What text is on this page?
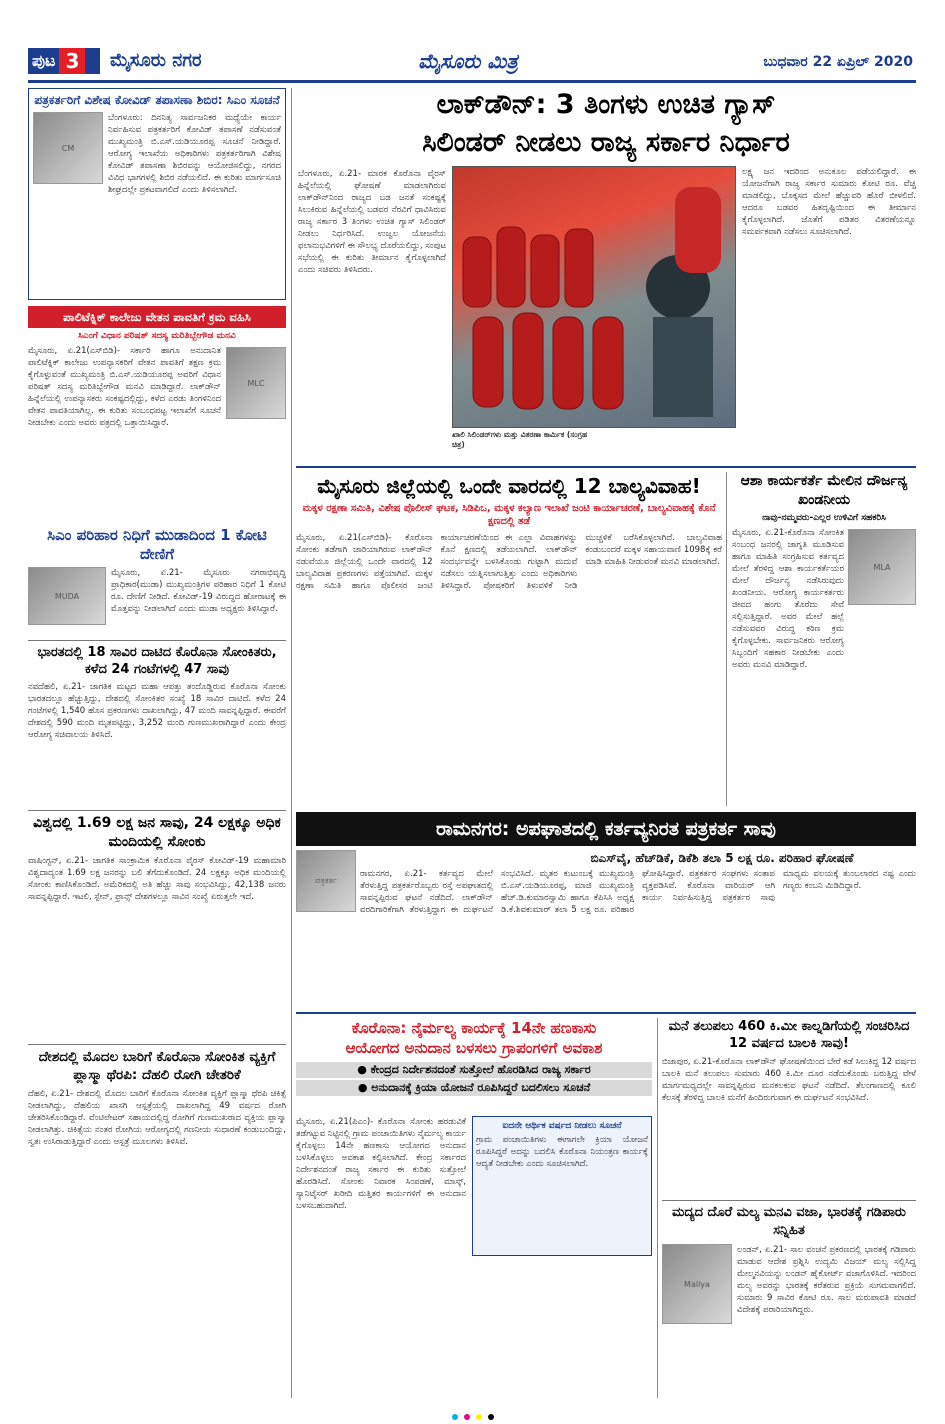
ಪುಟ 3	ಮೈಸೂರು ನಗರ	ಮೈಸೂರು ಮಿತ್ರ	ಬುಧವಾರ 22 ಏಪ್ರಿಲ್ 2020
ಪತ್ರಕರ್ತರಿಗೆ ವಿಶೇಷ ಕೋವಿಡ್ ತಪಾಸಣಾ ಶಿಬಿರ: ಸಿಎಂ ಸೂಚನೆ
CM
ಬೆಂಗಳೂರು: ದಿನನಿತ್ಯ ಸಾರ್ವಜನಿಕರ ಮಧ್ಯೆಯೇ ಕಾರ್ಯ ನಿರ್ವಹಿಸುವ ಪತ್ರಕರ್ತರಿಗೆ ಕೋವಿಡ್ ತಪಾಸಣೆ ನಡೆಸುವಂತೆ ಮುಖ್ಯಮಂತ್ರಿ ಬಿ.ಎಸ್.ಯಡಿಯೂರಪ್ಪ ಸೂಚನೆ ನೀಡಿದ್ದಾರೆ. ಆರೋಗ್ಯ ಇಲಾಖೆಯ ಅಧಿಕಾರಿಗಳು ಪತ್ರಕರ್ತರಿಗಾಗಿ ವಿಶೇಷ ಕೋವಿಡ್ ತಪಾಸಣಾ ಶಿಬಿರವನ್ನು ಆಯೋಜಿಸಲಿದ್ದು, ನಗರದ ವಿವಿಧ ಭಾಗಗಳಲ್ಲಿ ಶಿಬಿರ ನಡೆಯಲಿದೆ. ಈ ಕುರಿತು ಮಾರ್ಗಸೂಚಿ ಶೀಘ್ರದಲ್ಲೇ ಪ್ರಕಟವಾಗಲಿದೆ ಎಂದು ತಿಳಿಸಲಾಗಿದೆ.
ಪಾಲಿಟೆಕ್ನಿಕ್ ಕಾಲೇಜು ವೇತನ ಪಾವತಿಗೆ ಕ್ರಮ ವಹಿಸಿ
ಸಿಎಂಗೆ ವಿಧಾನ ಪರಿಷತ್ ಸದಸ್ಯ ಮರಿತಿಬ್ಬೇಗೌಡ ಮನವಿ
MLC
ಮೈಸೂರು, ಏ.21(ಎಸ್‌ಬಿಡಿ)- ಸರ್ಕಾರಿ ಹಾಗೂ ಅನುದಾನಿತ ಪಾಲಿಟೆಕ್ನಿಕ್ ಕಾಲೇಜು ಉಪನ್ಯಾಸಕರಿಗೆ ವೇತನ ಪಾವತಿಗೆ ತಕ್ಷಣ ಕ್ರಮ ಕೈಗೊಳ್ಳುವಂತೆ ಮುಖ್ಯಮಂತ್ರಿ ಬಿ.ಎಸ್.ಯಡಿಯೂರಪ್ಪ ಅವರಿಗೆ ವಿಧಾನ ಪರಿಷತ್ ಸದಸ್ಯ ಮರಿತಿಬ್ಬೇಗೌಡ ಮನವಿ ಮಾಡಿದ್ದಾರೆ. ಲಾಕ್‌ಡೌನ್ ಹಿನ್ನೆಲೆಯಲ್ಲಿ ಉಪನ್ಯಾಸಕರು ಸಂಕಷ್ಟದಲ್ಲಿದ್ದು, ಕಳೆದ ಎರಡು ತಿಂಗಳಿನಿಂದ ವೇತನ ಪಾವತಿಯಾಗಿಲ್ಲ. ಈ ಕುರಿತು ಸಂಬಂಧಪಟ್ಟ ಇಲಾಖೆಗೆ ಸೂಚನೆ ನೀಡಬೇಕು ಎಂದು ಅವರು ಪತ್ರದಲ್ಲಿ ಒತ್ತಾಯಿಸಿದ್ದಾರೆ.
ಸಿಎಂ ಪರಿಹಾರ ನಿಧಿಗೆ ಮುಡಾದಿಂದ 1 ಕೋಟಿ ದೇಣಿಗೆ
MUDA
ಮೈಸೂರು, ಏ.21- ಮೈಸೂರು ನಗರಾಭಿವೃದ್ಧಿ ಪ್ರಾಧಿಕಾರ(ಮುಡಾ) ಮುಖ್ಯಮಂತ್ರಿಗಳ ಪರಿಹಾರ ನಿಧಿಗೆ 1 ಕೋಟಿ ರೂ. ದೇಣಿಗೆ ನೀಡಿದೆ. ಕೋವಿಡ್-19 ವಿರುದ್ಧದ ಹೋರಾಟಕ್ಕೆ ಈ ಮೊತ್ತವನ್ನು ನೀಡಲಾಗಿದೆ ಎಂದು ಮುಡಾ ಅಧ್ಯಕ್ಷರು ತಿಳಿಸಿದ್ದಾರೆ.
ಭಾರತದಲ್ಲಿ 18 ಸಾವಿರ ದಾಟಿದ ಕೊರೊನಾ ಸೋಂಕಿತರು, ಕಳೆದ 24 ಗಂಟೆಗಳಲ್ಲಿ 47 ಸಾವು
ನವದೆಹಲಿ, ಏ.21- ಜಾಗತಿಕ ಮಟ್ಟದ ಮಹಾ ಆಪತ್ತು ತಂದೊಡ್ಡಿರುವ ಕೊರೊನಾ ಸೋಂಕು ಭಾರತದಲ್ಲೂ ಹೆಚ್ಚುತ್ತಿದ್ದು, ದೇಶದಲ್ಲಿ ಸೋಂಕಿತರ ಸಂಖ್ಯೆ 18 ಸಾವಿರ ದಾಟಿದೆ. ಕಳೆದ 24 ಗಂಟೆಗಳಲ್ಲಿ 1,540 ಹೊಸ ಪ್ರಕರಣಗಳು ದಾಖಲಾಗಿದ್ದು, 47 ಮಂದಿ ಸಾವನ್ನಪ್ಪಿದ್ದಾರೆ. ಈವರೆಗೆ ದೇಶದಲ್ಲಿ 590 ಮಂದಿ ಮೃತಪಟ್ಟಿದ್ದು, 3,252 ಮಂದಿ ಗುಣಮುಖರಾಗಿದ್ದಾರೆ ಎಂದು ಕೇಂದ್ರ ಆರೋಗ್ಯ ಸಚಿವಾಲಯ ತಿಳಿಸಿದೆ.
ವಿಶ್ವದಲ್ಲಿ 1.69 ಲಕ್ಷ ಜನ ಸಾವು, 24 ಲಕ್ಷಕ್ಕೂ ಅಧಿಕ ಮಂದಿಯಲ್ಲಿ ಸೋಂಕು
ವಾಷಿಂಗ್ಟನ್, ಏ.21- ಜಾಗತಿಕ ಸಾಂಕ್ರಾಮಿಕ ಕೊರೊನಾ ವೈರಸ್ ಕೋವಿಡ್-19 ಮಹಾಮಾರಿ ವಿಶ್ವದಾದ್ಯಂತ 1.69 ಲಕ್ಷ ಜನರನ್ನು ಬಲಿ ತೆಗೆದುಕೊಂಡಿದೆ. 24 ಲಕ್ಷಕ್ಕೂ ಅಧಿಕ ಮಂದಿಯಲ್ಲಿ ಸೋಂಕು ಕಾಣಿಸಿಕೊಂಡಿದೆ. ಅಮೆರಿಕದಲ್ಲಿ ಅತಿ ಹೆಚ್ಚು ಸಾವು ಸಂಭವಿಸಿದ್ದು, 42,138 ಜನರು ಸಾವನ್ನಪ್ಪಿದ್ದಾರೆ. ಇಟಲಿ, ಸ್ಪೇನ್, ಫ್ರಾನ್ಸ್ ದೇಶಗಳಲ್ಲೂ ಸಾವಿನ ಸಂಖ್ಯೆ ಏರುತ್ತಲೇ ಇದೆ.
ದೇಶದಲ್ಲಿ ಮೊದಲ ಬಾರಿಗೆ ಕೊರೊನಾ ಸೋಂಕಿತ ವ್ಯಕ್ತಿಗೆ ಪ್ಲಾಸ್ಮಾ ಥೆರಪಿ: ದೆಹಲಿ ರೋಗಿ ಚೇತರಿಕೆ
ದೆಹಲಿ, ಏ.21- ದೇಶದಲ್ಲಿ ಮೊದಲ ಬಾರಿಗೆ ಕೊರೊನಾ ಸೋಂಕಿತ ವ್ಯಕ್ತಿಗೆ ಪ್ಲಾಸ್ಮಾ ಥೆರಪಿ ಚಿಕಿತ್ಸೆ ನೀಡಲಾಗಿದ್ದು, ದೆಹಲಿಯ ಖಾಸಗಿ ಆಸ್ಪತ್ರೆಯಲ್ಲಿ ದಾಖಲಾಗಿದ್ದ 49 ವರ್ಷದ ರೋಗಿ ಚೇತರಿಸಿಕೊಂಡಿದ್ದಾರೆ. ವೆಂಟಿಲೇಟರ್ ಸಹಾಯದಲ್ಲಿದ್ದ ರೋಗಿಗೆ ಗುಣಮುಖರಾದ ವ್ಯಕ್ತಿಯ ಪ್ಲಾಸ್ಮಾ ನೀಡಲಾಗಿತ್ತು. ಚಿಕಿತ್ಸೆಯ ನಂತರ ರೋಗಿಯ ಆರೋಗ್ಯದಲ್ಲಿ ಗಣನೀಯ ಸುಧಾರಣೆ ಕಂಡುಬಂದಿದ್ದು, ಸ್ವತಃ ಉಸಿರಾಡುತ್ತಿದ್ದಾರೆ ಎಂದು ಆಸ್ಪತ್ರೆ ಮೂಲಗಳು ತಿಳಿಸಿವೆ.
ಲಾಕ್‌ಡೌನ್: 3 ತಿಂಗಳು ಉಚಿತ ಗ್ಯಾಸ್
ಸಿಲಿಂಡರ್ ನೀಡಲು ರಾಜ್ಯ ಸರ್ಕಾರ ನಿರ್ಧಾರ
ಬೆಂಗಳೂರು, ಏ.21- ಮಾರಕ ಕೊರೊನಾ ವೈರಸ್ ಹಿನ್ನೆಲೆಯಲ್ಲಿ ಘೋಷಣೆ ಮಾಡಲಾಗಿರುವ ಲಾಕ್‌ಡೌನ್‌ನಿಂದ ರಾಜ್ಯದ ಬಡ ಜನತೆ ಸಂಕಷ್ಟಕ್ಕೆ ಸಿಲುಕಿರುವ ಹಿನ್ನೆಲೆಯಲ್ಲಿ ಬಡವರ ನೆರವಿಗೆ ಧಾವಿಸಿರುವ ರಾಜ್ಯ ಸರ್ಕಾರ 3 ತಿಂಗಳು ಉಚಿತ ಗ್ಯಾಸ್ ಸಿಲಿಂಡರ್ ನೀಡಲು ನಿರ್ಧರಿಸಿದೆ. ಉಜ್ವಲ ಯೋಜನೆಯ ಫಲಾನುಭವಿಗಳಿಗೆ ಈ ಸೌಲಭ್ಯ ದೊರೆಯಲಿದ್ದು, ಸಂಪುಟ ಸಭೆಯಲ್ಲಿ ಈ ಕುರಿತು ತೀರ್ಮಾನ ಕೈಗೊಳ್ಳಲಾಗಿದೆ ಎಂದು ಸಚಿವರು ತಿಳಿಸಿದರು.
ಖಾಲಿ ಸಿಲಿಂಡರ್‌ಗಳು ಮತ್ತು ವಿತರಣಾ ಕಾರ್ಮಿಕ (ಸಂಗ್ರಹ ಚಿತ್ರ)
ಲಕ್ಷ್ಯ ಜನ ಇದರಿಂದ ಅನುಕೂಲ ಪಡೆಯಲಿದ್ದಾರೆ. ಈ ಯೋಜನೆಗಾಗಿ ರಾಜ್ಯ ಸರ್ಕಾರ ಸುಮಾರು ಕೋಟಿ ರೂ. ವೆಚ್ಚ ಮಾಡಲಿದ್ದು, ಬೊಕ್ಕಸದ ಮೇಲೆ ಹೆಚ್ಚುವರಿ ಹೊರೆ ಬೀಳಲಿದೆ. ಆದರೂ ಬಡವರ ಹಿತದೃಷ್ಟಿಯಿಂದ ಈ ತೀರ್ಮಾನ ಕೈಗೊಳ್ಳಲಾಗಿದೆ. ಜೊತೆಗೆ ಪಡಿತರ ವಿತರಣೆಯನ್ನೂ ಸಮರ್ಪಕವಾಗಿ ನಡೆಸಲು ಸೂಚಿಸಲಾಗಿದೆ.
ಮೈಸೂರು ಜಿಲ್ಲೆಯಲ್ಲಿ ಒಂದೇ ವಾರದಲ್ಲಿ 12 ಬಾಲ್ಯವಿವಾಹ!
ಮಕ್ಕಳ ರಕ್ಷಣಾ ಸಮಿತಿ, ವಿಶೇಷ ಪೊಲೀಸ್ ಘಟಕ, ಸಿಡಿಪಿಒ, ಮಕ್ಕಳ ಕಲ್ಯಾಣ ಇಲಾಖೆ ಜಂಟಿ ಕಾರ್ಯಾಚರಣೆ, ಬಾಲ್ಯವಿವಾಹಕ್ಕೆ ಕೊನೆ ಕ್ಷಣದಲ್ಲಿ ತಡೆ
ಮೈಸೂರು, ಏ.21(ಎಸ್‌ಬಿಡಿ)- ಕೊರೊನಾ ಸೋಂಕು ತಡೆಗಾಗಿ ಜಾರಿಯಾಗಿರುವ ಲಾಕ್‌ಡೌನ್ ನಡುವೆಯೂ ಜಿಲ್ಲೆಯಲ್ಲಿ ಒಂದೇ ವಾರದಲ್ಲಿ 12 ಬಾಲ್ಯವಿವಾಹ ಪ್ರಕರಣಗಳು ಪತ್ತೆಯಾಗಿವೆ. ಮಕ್ಕಳ ರಕ್ಷಣಾ ಸಮಿತಿ ಹಾಗೂ ಪೊಲೀಸರ ಜಂಟಿ ಕಾರ್ಯಾಚರಣೆಯಿಂದ ಈ ಎಲ್ಲಾ ವಿವಾಹಗಳನ್ನು ಕೊನೆ ಕ್ಷಣದಲ್ಲಿ ತಡೆಯಲಾಗಿದೆ. ಲಾಕ್‌ಡೌನ್ ಸಂದರ್ಭವನ್ನೇ ಬಳಸಿಕೊಂಡು ಗುಟ್ಟಾಗಿ ಮದುವೆ ನಡೆಸಲು ಯತ್ನಿಸಲಾಗುತ್ತಿತ್ತು ಎಂದು ಅಧಿಕಾರಿಗಳು ತಿಳಿಸಿದ್ದಾರೆ. ಪೋಷಕರಿಗೆ ತಿಳುವಳಿಕೆ ನೀಡಿ ಮುಚ್ಚಳಿಕೆ ಬರೆಸಿಕೊಳ್ಳಲಾಗಿದೆ. ಬಾಲ್ಯವಿವಾಹ ಕಂಡುಬಂದರೆ ಮಕ್ಕಳ ಸಹಾಯವಾಣಿ 1098ಕ್ಕೆ ಕರೆ ಮಾಡಿ ಮಾಹಿತಿ ನೀಡುವಂತೆ ಮನವಿ ಮಾಡಲಾಗಿದೆ.
ಆಶಾ ಕಾರ್ಯಕರ್ತೆ ಮೇಲಿನ ದೌರ್ಜನ್ಯ ಖಂಡನೀಯ
ನಾವು-ನಮ್ಮವರು-ಎಲ್ಲರ ಉಳಿವಿಗೆ ಸಹಕರಿಸಿ
MLA
ಮೈಸೂರು, ಏ.21-ಕೊರೊನಾ ಸೋಂಕಿತ ಸಂಬಂಧ ಜನರಲ್ಲಿ ಜಾಗೃತಿ ಮೂಡಿಸುವ ಹಾಗೂ ಮಾಹಿತಿ ಸಂಗ್ರಹಿಸುವ ಕರ್ತವ್ಯದ ಮೇಲೆ ತೆರಳಿದ್ದ ಆಶಾ ಕಾರ್ಯಕರ್ತೆಯರ ಮೇಲೆ ದೌರ್ಜನ್ಯ ನಡೆಸಿರುವುದು ಖಂಡನೀಯ. ಆರೋಗ್ಯ ಕಾರ್ಯಕರ್ತರು ಜೀವದ ಹಂಗು ತೊರೆದು ಸೇವೆ ಸಲ್ಲಿಸುತ್ತಿದ್ದಾರೆ. ಅವರ ಮೇಲೆ ಹಲ್ಲೆ ನಡೆಸುವವರ ವಿರುದ್ಧ ಕಠಿಣ ಕ್ರಮ ಕೈಗೊಳ್ಳಬೇಕು. ಸಾರ್ವಜನಿಕರು ಆರೋಗ್ಯ ಸಿಬ್ಬಂದಿಗೆ ಸಹಕಾರ ನೀಡಬೇಕು ಎಂದು ಅವರು ಮನವಿ ಮಾಡಿದ್ದಾರೆ.
ರಾಮನಗರ: ಅಪಘಾತದಲ್ಲಿ ಕರ್ತವ್ಯನಿರತ ಪತ್ರಕರ್ತ ಸಾವು
ಪತ್ರಕರ್ತ
ಬಿಎಸ್‌ವೈ, ಹೆಚ್‌ಡಿಕೆ, ಡಿಕೆಶಿ ತಲಾ 5 ಲಕ್ಷ ರೂ. ಪರಿಹಾರ ಘೋಷಣೆ
ರಾಮನಗರ, ಏ.21- ಕರ್ತವ್ಯದ ಮೇಲೆ ತೆರಳುತ್ತಿದ್ದ ಪತ್ರಕರ್ತರೊಬ್ಬರು ರಸ್ತೆ ಅಪಘಾತದಲ್ಲಿ ಸಾವನ್ನಪ್ಪಿರುವ ಘಟನೆ ನಡೆದಿದೆ. ಲಾಕ್‌ಡೌನ್ ವರದಿಗಾರಿಕೆಗಾಗಿ ತೆರಳುತ್ತಿದ್ದಾಗ ಈ ದುರ್ಘಟನೆ ಸಂಭವಿಸಿದೆ. ಮೃತರ ಕುಟುಂಬಕ್ಕೆ ಮುಖ್ಯಮಂತ್ರಿ ಬಿ.ಎಸ್.ಯಡಿಯೂರಪ್ಪ, ಮಾಜಿ ಮುಖ್ಯಮಂತ್ರಿ ಹೆಚ್.ಡಿ.ಕುಮಾರಸ್ವಾಮಿ ಹಾಗೂ ಕೆಪಿಸಿಸಿ ಅಧ್ಯಕ್ಷ ಡಿ.ಕೆ.ಶಿವಕುಮಾರ್ ತಲಾ 5 ಲಕ್ಷ ರೂ. ಪರಿಹಾರ ಘೋಷಿಸಿದ್ದಾರೆ. ಪತ್ರಕರ್ತರ ಸಂಘಗಳು ಸಂತಾಪ ವ್ಯಕ್ತಪಡಿಸಿವೆ. ಕೊರೊನಾ ವಾರಿಯರ್ ಆಗಿ ಕಾರ್ಯ ನಿರ್ವಹಿಸುತ್ತಿದ್ದ ಪತ್ರಕರ್ತರ ಸಾವು ಮಾಧ್ಯಮ ವಲಯಕ್ಕೆ ತುಂಬಲಾರದ ನಷ್ಟ ಎಂದು ಗಣ್ಯರು ಕಂಬನಿ ಮಿಡಿದಿದ್ದಾರೆ.
ಕೊರೊನಾ: ನೈರ್ಮಲ್ಯ ಕಾರ್ಯಕ್ಕೆ 14ನೇ ಹಣಕಾಸು
ಆಯೋಗದ ಅನುದಾನ ಬಳಸಲು ಗ್ರಾಪಂಗಳಿಗೆ ಅವಕಾಶ
● ಕೇಂದ್ರದ ನಿರ್ದೇಶನದಂತೆ ಸುತ್ತೋಲೆ ಹೊರಡಿಸಿದ ರಾಜ್ಯ ಸರ್ಕಾರ
● ಅನುದಾನಕ್ಕೆ ಕ್ರಿಯಾ ಯೋಜನೆ ರೂಪಿಸಿದ್ದರೆ ಬದಲಿಸಲು ಸೂಚನೆ
ಮೈಸೂರು, ಏ.21(ಪಿಎಂ)- ಕೊರೊನಾ ಸೋಂಕು ಹರಡುವಿಕೆ ತಡೆಗಟ್ಟುವ ನಿಟ್ಟಿನಲ್ಲಿ ಗ್ರಾಮ ಪಂಚಾಯಿತಿಗಳು ನೈರ್ಮಲ್ಯ ಕಾರ್ಯ ಕೈಗೊಳ್ಳಲು 14ನೇ ಹಣಕಾಸು ಆಯೋಗದ ಅನುದಾನ ಬಳಸಿಕೊಳ್ಳಲು ಅವಕಾಶ ಕಲ್ಪಿಸಲಾಗಿದೆ. ಕೇಂದ್ರ ಸರ್ಕಾರದ ನಿರ್ದೇಶನದಂತೆ ರಾಜ್ಯ ಸರ್ಕಾರ ಈ ಕುರಿತು ಸುತ್ತೋಲೆ ಹೊರಡಿಸಿದೆ. ಸೋಂಕು ನಿವಾರಕ ಸಿಂಪಡಣೆ, ಮಾಸ್ಕ್, ಸ್ಯಾನಿಟೈಸರ್ ಖರೀದಿ ಮತ್ತಿತರ ಕಾರ್ಯಗಳಿಗೆ ಈ ಅನುದಾನ ಬಳಸಬಹುದಾಗಿದೆ.
ಐದನೇ ಆರ್ಥಿಕ ವರ್ಷದ ನೀಡಲು ಸೂಚನೆ
ಗ್ರಾಮ ಪಂಚಾಯಿತಿಗಳು ಈಗಾಗಲೇ ಕ್ರಿಯಾ ಯೋಜನೆ ರೂಪಿಸಿದ್ದರೆ ಅದನ್ನು ಬದಲಿಸಿ ಕೊರೊನಾ ನಿಯಂತ್ರಣ ಕಾರ್ಯಕ್ಕೆ ಆದ್ಯತೆ ನೀಡಬೇಕು ಎಂದು ಸೂಚಿಸಲಾಗಿದೆ.
ಮನೆ ತಲುಪಲು 460 ಕಿ.ಮೀ ಕಾಲ್ನಡಿಗೆಯಲ್ಲಿ ಸಂಚರಿಸಿದ 12 ವರ್ಷದ ಬಾಲಕಿ ಸಾವು!
ಬಿಜಾಪುರ, ಏ.21-ಕೊರೊನಾ ಲಾಕ್‌ಡೌನ್ ಘೋಷಣೆಯಿಂದ ಬೇರೆ ಕಡೆ ಸಿಲುಕಿದ್ದ 12 ವರ್ಷದ ಬಾಲಕಿ ಮನೆ ತಲುಪಲು ಸುಮಾರು 460 ಕಿ.ಮೀ ದೂರ ನಡೆದುಕೊಂಡು ಬರುತ್ತಿದ್ದ ವೇಳೆ ಮಾರ್ಗಮಧ್ಯದಲ್ಲೇ ಸಾವನ್ನಪ್ಪಿರುವ ಮನಕಲಕುವ ಘಟನೆ ನಡೆದಿದೆ. ತೆಲಂಗಾಣದಲ್ಲಿ ಕೂಲಿ ಕೆಲಸಕ್ಕೆ ತೆರಳಿದ್ದ ಬಾಲಕಿ ಮನೆಗೆ ಹಿಂದಿರುಗುವಾಗ ಈ ದುರ್ಘಟನೆ ಸಂಭವಿಸಿದೆ.
ಮದ್ಯದ ದೊರೆ ಮಲ್ಯ ಮನವಿ ವಜಾ, ಭಾರತಕ್ಕೆ ಗಡಿಪಾರು ಸನ್ನಿಹಿತ
Mallya
ಲಂಡನ್, ಏ.21- ಸಾಲ ವಂಚನೆ ಪ್ರಕರಣದಲ್ಲಿ ಭಾರತಕ್ಕೆ ಗಡಿಪಾರು ಮಾಡುವ ಆದೇಶ ಪ್ರಶ್ನಿಸಿ ಉದ್ಯಮಿ ವಿಜಯ್ ಮಲ್ಯ ಸಲ್ಲಿಸಿದ್ದ ಮೇಲ್ಮನವಿಯನ್ನು ಲಂಡನ್ ಹೈಕೋರ್ಟ್ ವಜಾಗೊಳಿಸಿದೆ. ಇದರಿಂದ ಮಲ್ಯ ಅವರನ್ನು ಭಾರತಕ್ಕೆ ಕರೆತರುವ ಪ್ರಕ್ರಿಯೆ ಸುಗಮವಾಗಲಿದೆ. ಸುಮಾರು 9 ಸಾವಿರ ಕೋಟಿ ರೂ. ಸಾಲ ಮರುಪಾವತಿ ಮಾಡದೆ ವಿದೇಶಕ್ಕೆ ಪರಾರಿಯಾಗಿದ್ದರು.
